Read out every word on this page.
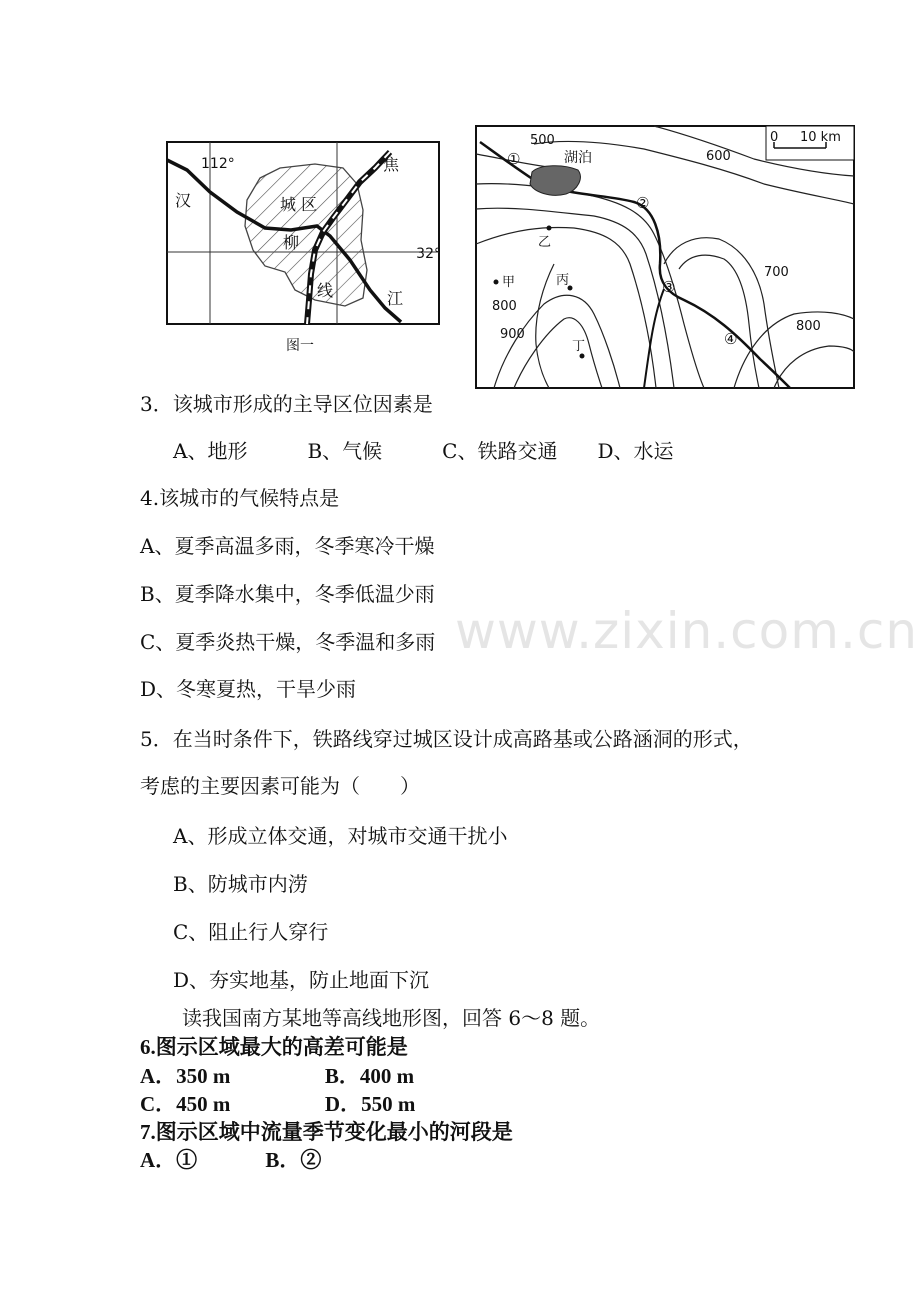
112°
32°
焦
汉	城 区
柳
线	江
图一
0 10 km
湖泊
500
600
700
800
800
900
甲
乙
丙
丁
①
②
③
④
www.zixin.com.cn
3．该城市形成的主导区位因素是
A、地形　　　B、气候　　　C、铁路交通　　D、水运
4.该城市的气候特点是
A、夏季高温多雨，冬季寒冷干燥
B、夏季降水集中，冬季低温少雨
C、夏季炎热干燥，冬季温和多雨
D、冬寒夏热，干旱少雨
5．在当时条件下，铁路线穿过城区设计成高路基或公路涵洞的形式，
考虑的主要因素可能为（　　）
A、形成立体交通，对城市交通干扰小
B、防城市内涝
C、阻止行人穿行
D、夯实地基，防止地面下沉
读我国南方某地等高线地形图，回答 6～8 题。
6.图示区域最大的高差可能是
A．350 m                  B．400 m
C．450 m                  D．550 m
7.图示区域中流量季节变化最小的河段是
A．①             B．②
